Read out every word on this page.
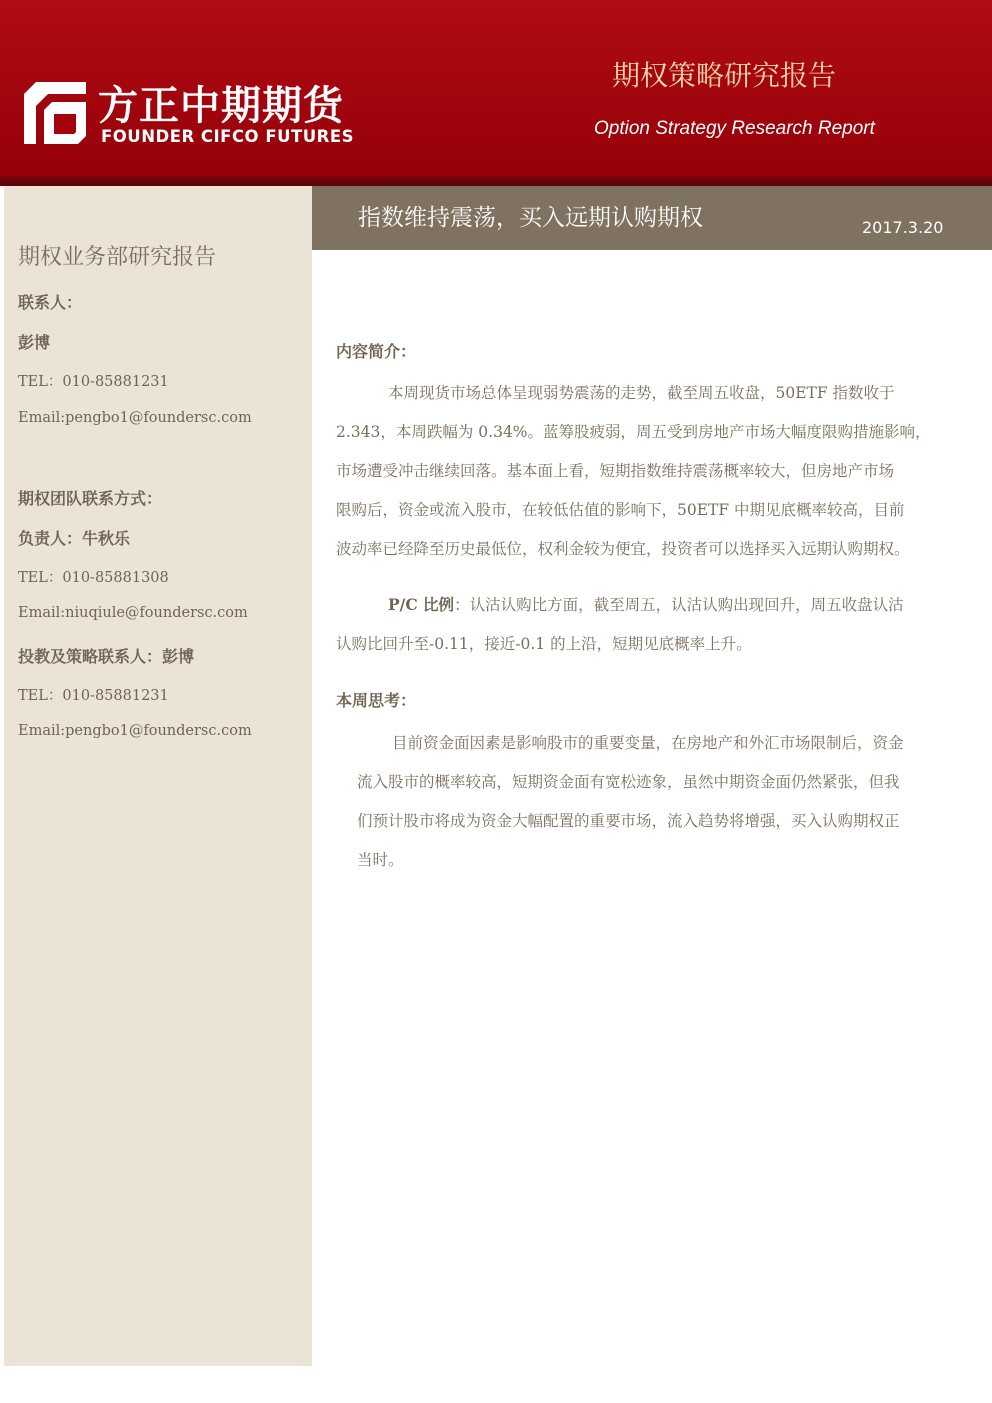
方正中期期货
FOUNDER CIFCO FUTURES
期权策略研究报告
Option Strategy Research Report
指数维持震荡，买入远期认购期权	2017.3.20
期权业务部研究报告
联系人：
彭博
TEL：010-85881231
Email:pengbo1@foundersc.com
期权团队联系方式：
负责人：牛秋乐
TEL：010-85881308
Email:niuqiule@foundersc.com
投教及策略联系人：彭博
TEL：010-85881231
Email:pengbo1@foundersc.com
内容简介：
本周现货市场总体呈现弱势震荡的走势，截至周五收盘，50ETF 指数收于
2.343，本周跌幅为 0.34%。蓝筹股疲弱，周五受到房地产市场大幅度限购措施影响，
市场遭受冲击继续回落。基本面上看，短期指数维持震荡概率较大，但房地产市场
限购后，资金或流入股市，在较低估值的影响下，50ETF 中期见底概率较高，目前
波动率已经降至历史最低位，权利金较为便宜，投资者可以选择买入远期认购期权。
P/C 比例：认沽认购比方面，截至周五，认沽认购出现回升，周五收盘认沽
认购比回升至-0.11，接近-0.1 的上沿，短期见底概率上升。
本周思考：
目前资金面因素是影响股市的重要变量，在房地产和外汇市场限制后，资金
流入股市的概率较高，短期资金面有宽松迹象，虽然中期资金面仍然紧张，但我
们预计股市将成为资金大幅配置的重要市场，流入趋势将增强，买入认购期权正
当时。
